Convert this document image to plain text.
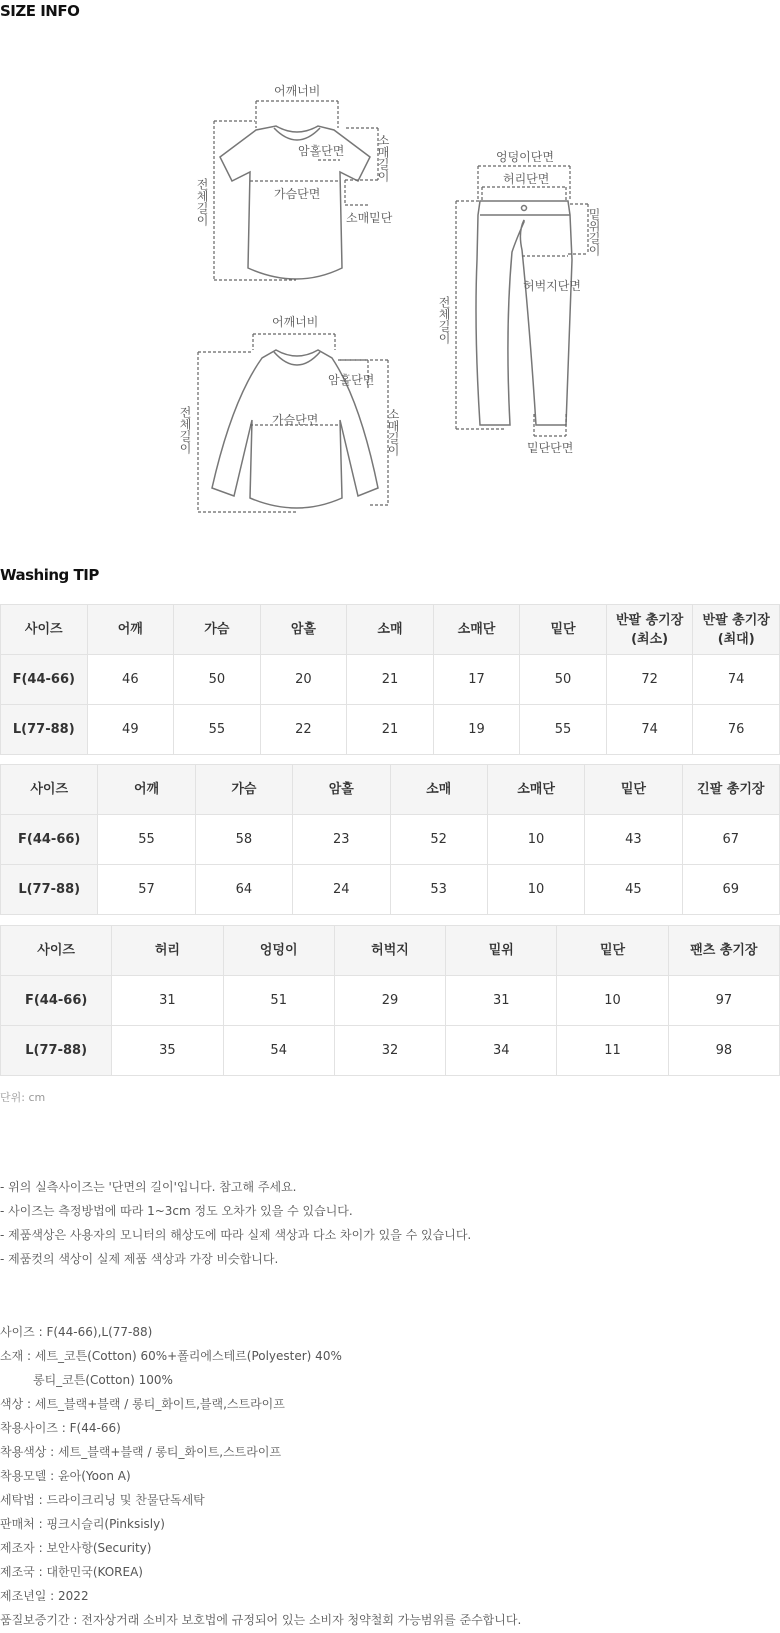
SIZE INFO
어깨너비
암홀단면
가슴단면
소매길이
소매밑단
전체길이
어깨너비
암홀단면
가슴단면	소매길이
전체길이
엉덩이단면
허리단면
밑위길이
허벅지단면
전체길이
밑단단면
Washing TIP
사이즈	어깨	가슴	암홀	소매	소매단	밑단	반팔 총기장 (최소)	반팔 총기장 (최대)
F(44-66)	46	50	20	21	17	50	72	74
L(77-88)	49	55	22	21	19	55	74	76
사이즈	어깨	가슴	암홀	소매	소매단	밑단	긴팔 총기장
F(44-66)	55	58	23	52	10	43	67
L(77-88)	57	64	24	53	10	45	69
사이즈	허리	엉덩이	허벅지	밑위	밑단	팬츠 총기장
F(44-66)	31	51	29	31	10	97
L(77-88)	35	54	32	34	11	98
단위: cm
- 위의 실측사이즈는 '단면의 길이'입니다. 참고해 주세요.
- 사이즈는 측정방법에 따라 1~3cm 정도 오차가 있을 수 있습니다.
- 제품색상은 사용자의 모니터의 해상도에 따라 실제 색상과 다소 차이가 있을 수 있습니다.
- 제품컷의 색상이 실제 제품 색상과 가장 비슷합니다.
사이즈 : F(44-66),L(77-88)
소재 : 세트_코튼(Cotton) 60%+폴리에스테르(Polyester) 40%
롱티_코튼(Cotton) 100%
색상 : 세트_블랙+블랙 / 롱티_화이트,블랙,스트라이프
착용사이즈 : F(44-66)
착용색상 : 세트_블랙+블랙 / 롱티_화이트,스트라이프
착용모델 : 윤아(Yoon A)
세탁법 : 드라이크리닝 및 찬물단독세탁
판매처 : 핑크시슬리(Pinksisly)
제조자 : 보안사항(Security)
제조국 : 대한민국(KOREA)
제조년일 : 2022
품질보증기간 : 전자상거래 소비자 보호법에 규정되어 있는 소비자 청약철회 가능범위를 준수합니다.
